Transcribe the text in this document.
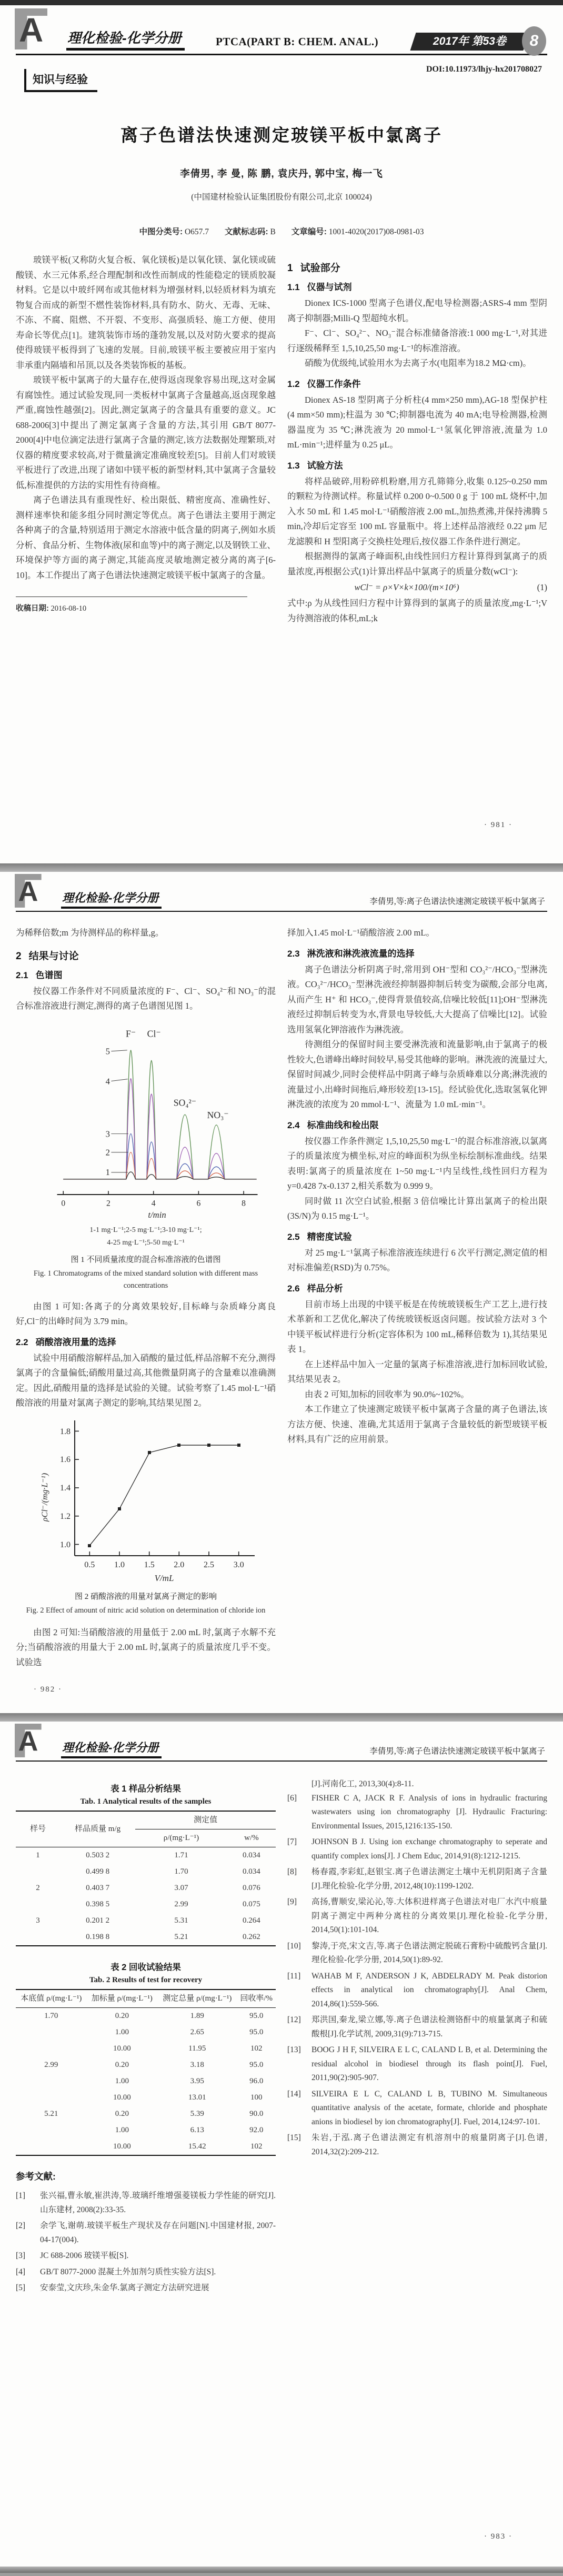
A 理化检验-化学分册	PTCA(PART B: CHEM. ANAL.)	2017年 第53卷	8
知识与经验
DOI:10.11973/lhjy-hx201708027
离子色谱法快速测定玻镁平板中氯离子
李倩男, 李 曼, 陈 鹏, 袁庆丹, 郭中宝, 梅一飞
(中国建材检验认证集团股份有限公司,北京 100024)
中图分类号: O657.7 文献标志码: B 文章编号: 1001-4020(2017)08-0981-03

玻镁平板(又称防火复合板、氧化镁板)是以氧化镁、氯化镁或硫酸镁、水三元体系,经合理配制和改性而制成的性能稳定的镁质胶凝材料。它是以中玻纤网布或其他材料为增强材料,以轻质材料为填充物复合而成的新型不燃性装饰材料,具有防水、防火、无毒、无味、不冻、不腐、阻燃、不开裂、不变形、高强质轻、施工方便、使用寿命长等优点[1]。建筑装饰市场的蓬勃发展,以及对防火要求的提高使得玻镁平板得到了飞速的发展。目前,玻镁平板主要被应用于室内非承重内隔墙和吊顶,以及各类装饰板的基板。

玻镁平板中氯离子的大量存在,使得返卤现象容易出现,这对金属有腐蚀性。通过试验发现,同一类板材中氯离子含量越高,返卤现象越严重,腐蚀性越强[2]。因此,测定氯离子的含量具有重要的意义。JC 688-2006[3]中提出了测定氯离子含量的方法,其引用 GB/T 8077-2000[4]中电位滴定法进行氯离子含量的测定,该方法数据处理繁琐,对仪器的精度要求较高,对于微量滴定准确度较差[5]。目前人们对玻镁平板进行了改进,出现了诸如中镁平板的新型材料,其中氯离子含量较低,标准提供的方法的实用性有待商榷。

离子色谱法具有重现性好、检出限低、精密度高、准确性好、测样速率快和能多组分同时测定等优点。离子色谱法主要用于测定各种离子的含量,特别适用于测定水溶液中低含量的阴离子,例如水质分析、食品分析、生物体液(尿和血等)中的离子测定,以及钢铁工业、环境保护等方面的离子测定,其能高度灵敏地测定被分离的离子[6-10]。本工作提出了离子色谱法快速测定玻镁平板中氯离子的含量。

收稿日期: 2016-08-10
1 试验部分
1.1 仪器与试剂

Dionex ICS-1000 型离子色谱仪,配电导检测器;ASRS-4 mm 型阴离子抑制器;Milli-Q 型超纯水机。

F⁻、Cl⁻、SO₄²⁻、NO₃⁻混合标准储备溶液:1 000 mg·L⁻¹,对其进行逐级稀释至 1,5,10,25,50 mg·L⁻¹的标准溶液。

硝酸为优级纯,试验用水为去离子水(电阻率为18.2 MΩ·cm)。

1.2 仪器工作条件

Dionex AS-18 型阴离子分析柱(4 mm×250 mm),AG-18 型保护柱(4 mm×50 mm);柱温为 30 ℃;抑制器电流为 40 mA;电导检测器,检测器温度为 35 ℃;淋洗液为 20 mmol·L⁻¹氢氧化钾溶液,流量为 1.0 mL·min⁻¹;进样量为 0.25 μL。

1.3 试验方法

将样品破碎,用粉碎机粉磨,用方孔筛筛分,收集 0.125~0.250 mm 的颗粒为待测试样。称量试样 0.200 0~0.500 0 g 于 100 mL 烧杯中,加入水 50 mL 和 1.45 mol·L⁻¹硝酸溶液 2.00 mL,加热煮沸,并保持沸腾 5 min,冷却后定容至 100 mL 容量瓶中。将上述样品溶液经 0.22 μm 尼龙滤膜和 H 型阳离子交换柱处理后,按仪器工作条件进行测定。

根据测得的氯离子峰面积,由线性回归方程计算得到氯离子的质量浓度,再根据公式(1)计算出样品中氯离子的质量分数(wCl⁻):

wCl⁻ = ρ×V×k×100/(m×10⁶)	(1)

式中:ρ 为从线性回归方程中计算得到的氯离子的质量浓度,mg·L⁻¹;V 为待测溶液的体积,mL;k

· 981 ·
A 理化检验-化学分册	李倩男,等:离子色谱法快速测定玻镁平板中氯离子

为稀释倍数;m 为待测样品的称样量,g。

2 结果与讨论
2.1 色谱图

按仪器工作条件对不同质量浓度的 F⁻、Cl⁻、SO₄²⁻和 NO₃⁻的混合标准溶液进行测定,测得的离子色谱图见图 1。

5
4
3
2
1
F⁻ Cl⁻
SO₄²⁻
NO₃⁻
0	2	4	6	8
t/min
1-1 mg·L⁻¹;2-5 mg·L⁻¹;3-10 mg·L⁻¹;
4-25 mg·L⁻¹;5-50 mg·L⁻¹
图 1 不同质量浓度的混合标准溶液的色谱图
Fig. 1 Chromatograms of the mixed standard solution with different mass concentrations

由图 1 可知:各离子的分离效果较好,目标峰与杂质峰分离良好,Cl⁻的出峰时间为 3.79 min。

2.2 硝酸溶液用量的选择

试验中用硝酸溶解样品,加入硝酸的量过低,样品溶解不充分,测得氯离子的含量偏低;硝酸用量过高,其他微量阴离子的含量难以准确测定。因此,硝酸用量的选择是试验的关键。试验考察了1.45 mol·L⁻¹硝酸溶液的用量对氯离子测定的影响,其结果见图 2。

1.0
1.2
1.4
1.6
1.8
0.5 1.0 1.5 2.0 2.5 3.0
ρCl⁻/(mg·L⁻¹)
V/mL
图 2 硝酸溶液的用量对氯离子测定的影响
Fig. 2 Effect of amount of nitric acid solution on determination of chloride ion

由图 2 可知:当硝酸溶液的用量低于 2.00 mL 时,氯离子水解不充分;当硝酸溶液的用量大于 2.00 mL 时,氯离子的质量浓度几乎不变。试验选

择加入1.45 mol·L⁻¹硝酸溶液 2.00 mL。

2.3 淋洗液和淋洗液流量的选择

离子色谱法分析阴离子时,常用到 OH⁻型和 CO₃²⁻/HCO₃⁻型淋洗液。CO₃²⁻/HCO₃⁻型淋洗液经抑制器抑制后转变为碳酸,会部分电离,从而产生 H⁺ 和 HCO₃⁻,使得背景值较高,信噪比较低[11];OH⁻型淋洗液经过抑制后转变为水,背景电导较低,大大提高了信噪比[12]。试验选用氢氧化钾溶液作为淋洗液。

待测组分的保留时间主要受淋洗液和流量影响,由于氯离子的极性较大,色谱峰出峰时间较早,易受其他峰的影响。淋洗液的流量过大,保留时间减少,同时会使样品中阴离子峰与杂质峰难以分离;淋洗液的流量过小,出峰时间拖后,峰形较差[13-15]。经试验优化,选取氢氧化钾淋洗液的浓度为 20 mmol·L⁻¹、流量为 1.0 mL·min⁻¹。

2.4 标准曲线和检出限

按仪器工作条件测定 1,5,10,25,50 mg·L⁻¹的混合标准溶液,以氯离子的质量浓度为横坐标,对应的峰面积为纵坐标绘制标准曲线。结果表明:氯离子的质量浓度在 1~50 mg·L⁻¹内呈线性,线性回归方程为 y=0.428 7x-0.137 2,相关系数为 0.999 9。

同时做 11 次空白试验,根据 3 倍信噪比计算出氯离子的检出限(3S/N)为 0.15 mg·L⁻¹。

2.5 精密度试验

对 25 mg·L⁻¹氯离子标准溶液连续进行 6 次平行测定,测定值的相对标准偏差(RSD)为 0.75%。

2.6 样品分析

目前市场上出现的中镁平板是在传统玻镁板生产工艺上,进行技术革新和工艺优化,解决了传统玻镁板返卤问题。按试验方法对 3 个中镁平板试样进行分析(定容体积为 100 mL,稀释倍数为 1),其结果见表 1。

在上述样品中加入一定量的氯离子标准溶液,进行加标回收试验,其结果见表 2。

由表 2 可知,加标的回收率为 90.0%~102%。

本工作建立了快速测定玻镁平板中氯离子含量的离子色谱法,该方法方便、快速、准确,尤其适用于氯离子含量较低的新型玻镁平板材料,具有广泛的应用前景。

· 982 ·
A 理化检验-化学分册	李倩男,等:离子色谱法快速测定玻镁平板中氯离子
表 1 样品分析结果
Tab. 1 Analytical results of the samples
样号	样品质量 m/g	测定值	
		ρ/(mg·L⁻¹)	w/%
1	0.503 2	1.71	0.034
	0.499 8	1.70	0.034
2	0.403 7	3.07	0.076
	0.398 5	2.99	0.075
3	0.201 2	5.31	0.264
	0.198 8	5.21	0.262
表 2 回收试验结果
Tab. 2 Results of test for recovery
本底值 ρ/(mg·L⁻¹)	加标量 ρ/(mg·L⁻¹)	测定总量 ρ/(mg·L⁻¹)	回收率/%
1.70	0.20	1.89	95.0
	1.00	2.65	95.0
	10.00	11.95	102
2.99	0.20	3.18	95.0
	1.00	3.95	96.0
	10.00	13.01	100
5.21	0.20	5.39	90.0
	1.00	6.13	92.0
	10.00	15.42	102
参考文献:
[1]	张兴福,曹永敏,崔洪涛,等.玻璃纤维增强菱镁板力学性能的研究[J].山东建材, 2008(2):33-35.
[2]	余学飞,谢萌.玻镁平板生产现状及存在问题[N].中国建材报, 2007-04-17(004).
[3]	JC 688-2006 玻镁平板[S].
[4]	GB/T 8077-2000 混凝土外加剂匀质性实验方法[S].
[5]	安泰莹,文庆珍,朱金华.氯离子测定方法研究进展
[J].河南化工, 2013,30(4):8-11.
[6]	FISHER C A, JACK R F. Analysis of ions in hydraulic fracturing wastewaters using ion chromatography [J]. Hydraulic Fracturing: Environmental Issues, 2015,1216:135-150.
[7]	JOHNSON B J. Using ion exchange chromatography to seperate and quantify complex ions[J]. J Chem Educ, 2014,91(8):1212-1215.
[8]	杨春霞,李彩虹,赵银宝.离子色谱法测定土壤中无机阴阳离子含量[J].理化检验-化学分册, 2012,48(10):1199-1202.
[9]	高扬,曹顺安,梁沁沁,等.大体积进样离子色谱法对电厂水汽中痕量阴离子测定中两种分离柱的分离效果[J].理化检验-化学分册, 2014,50(1):101-104.
[10]	黎涛,于亮,宋文吉,等.离子色谱法测定脱硫石膏粉中硫酸钙含量[J].理化检验-化学分册, 2014,50(1):89-92.
[11]	WAHAB M F, ANDERSON J K, ABDELRADY M. Peak distorion effects in analytical ion chromatography[J]. Anal Chem, 2014,86(1):559-566.
[12]	郑洪国,秦龙,梁立娜,等.离子色谱法检测铬酐中的痕量氯离子和硫酸根[J].化学试剂, 2009,31(9):713-715.
[13]	BOOG J H F, SILVEIRA E L C, CALAND L B, et al. Determining the residual alcohol in biodiesel through its flash point[J]. Fuel, 2011,90(2):905-907.
[14]	SILVEIRA E L C, CALAND L B, TUBINO M. Simultaneous quantitative analysis of the acetate, formate, chloride and phosphate anions in biodiesel by ion chromatography[J]. Fuel, 2014,124:97-101.
[15]	朱岩,于泓.离子色谱法测定有机溶剂中的痕量阴离子[J].色谱, 2014,32(2):209-212.
· 983 ·
